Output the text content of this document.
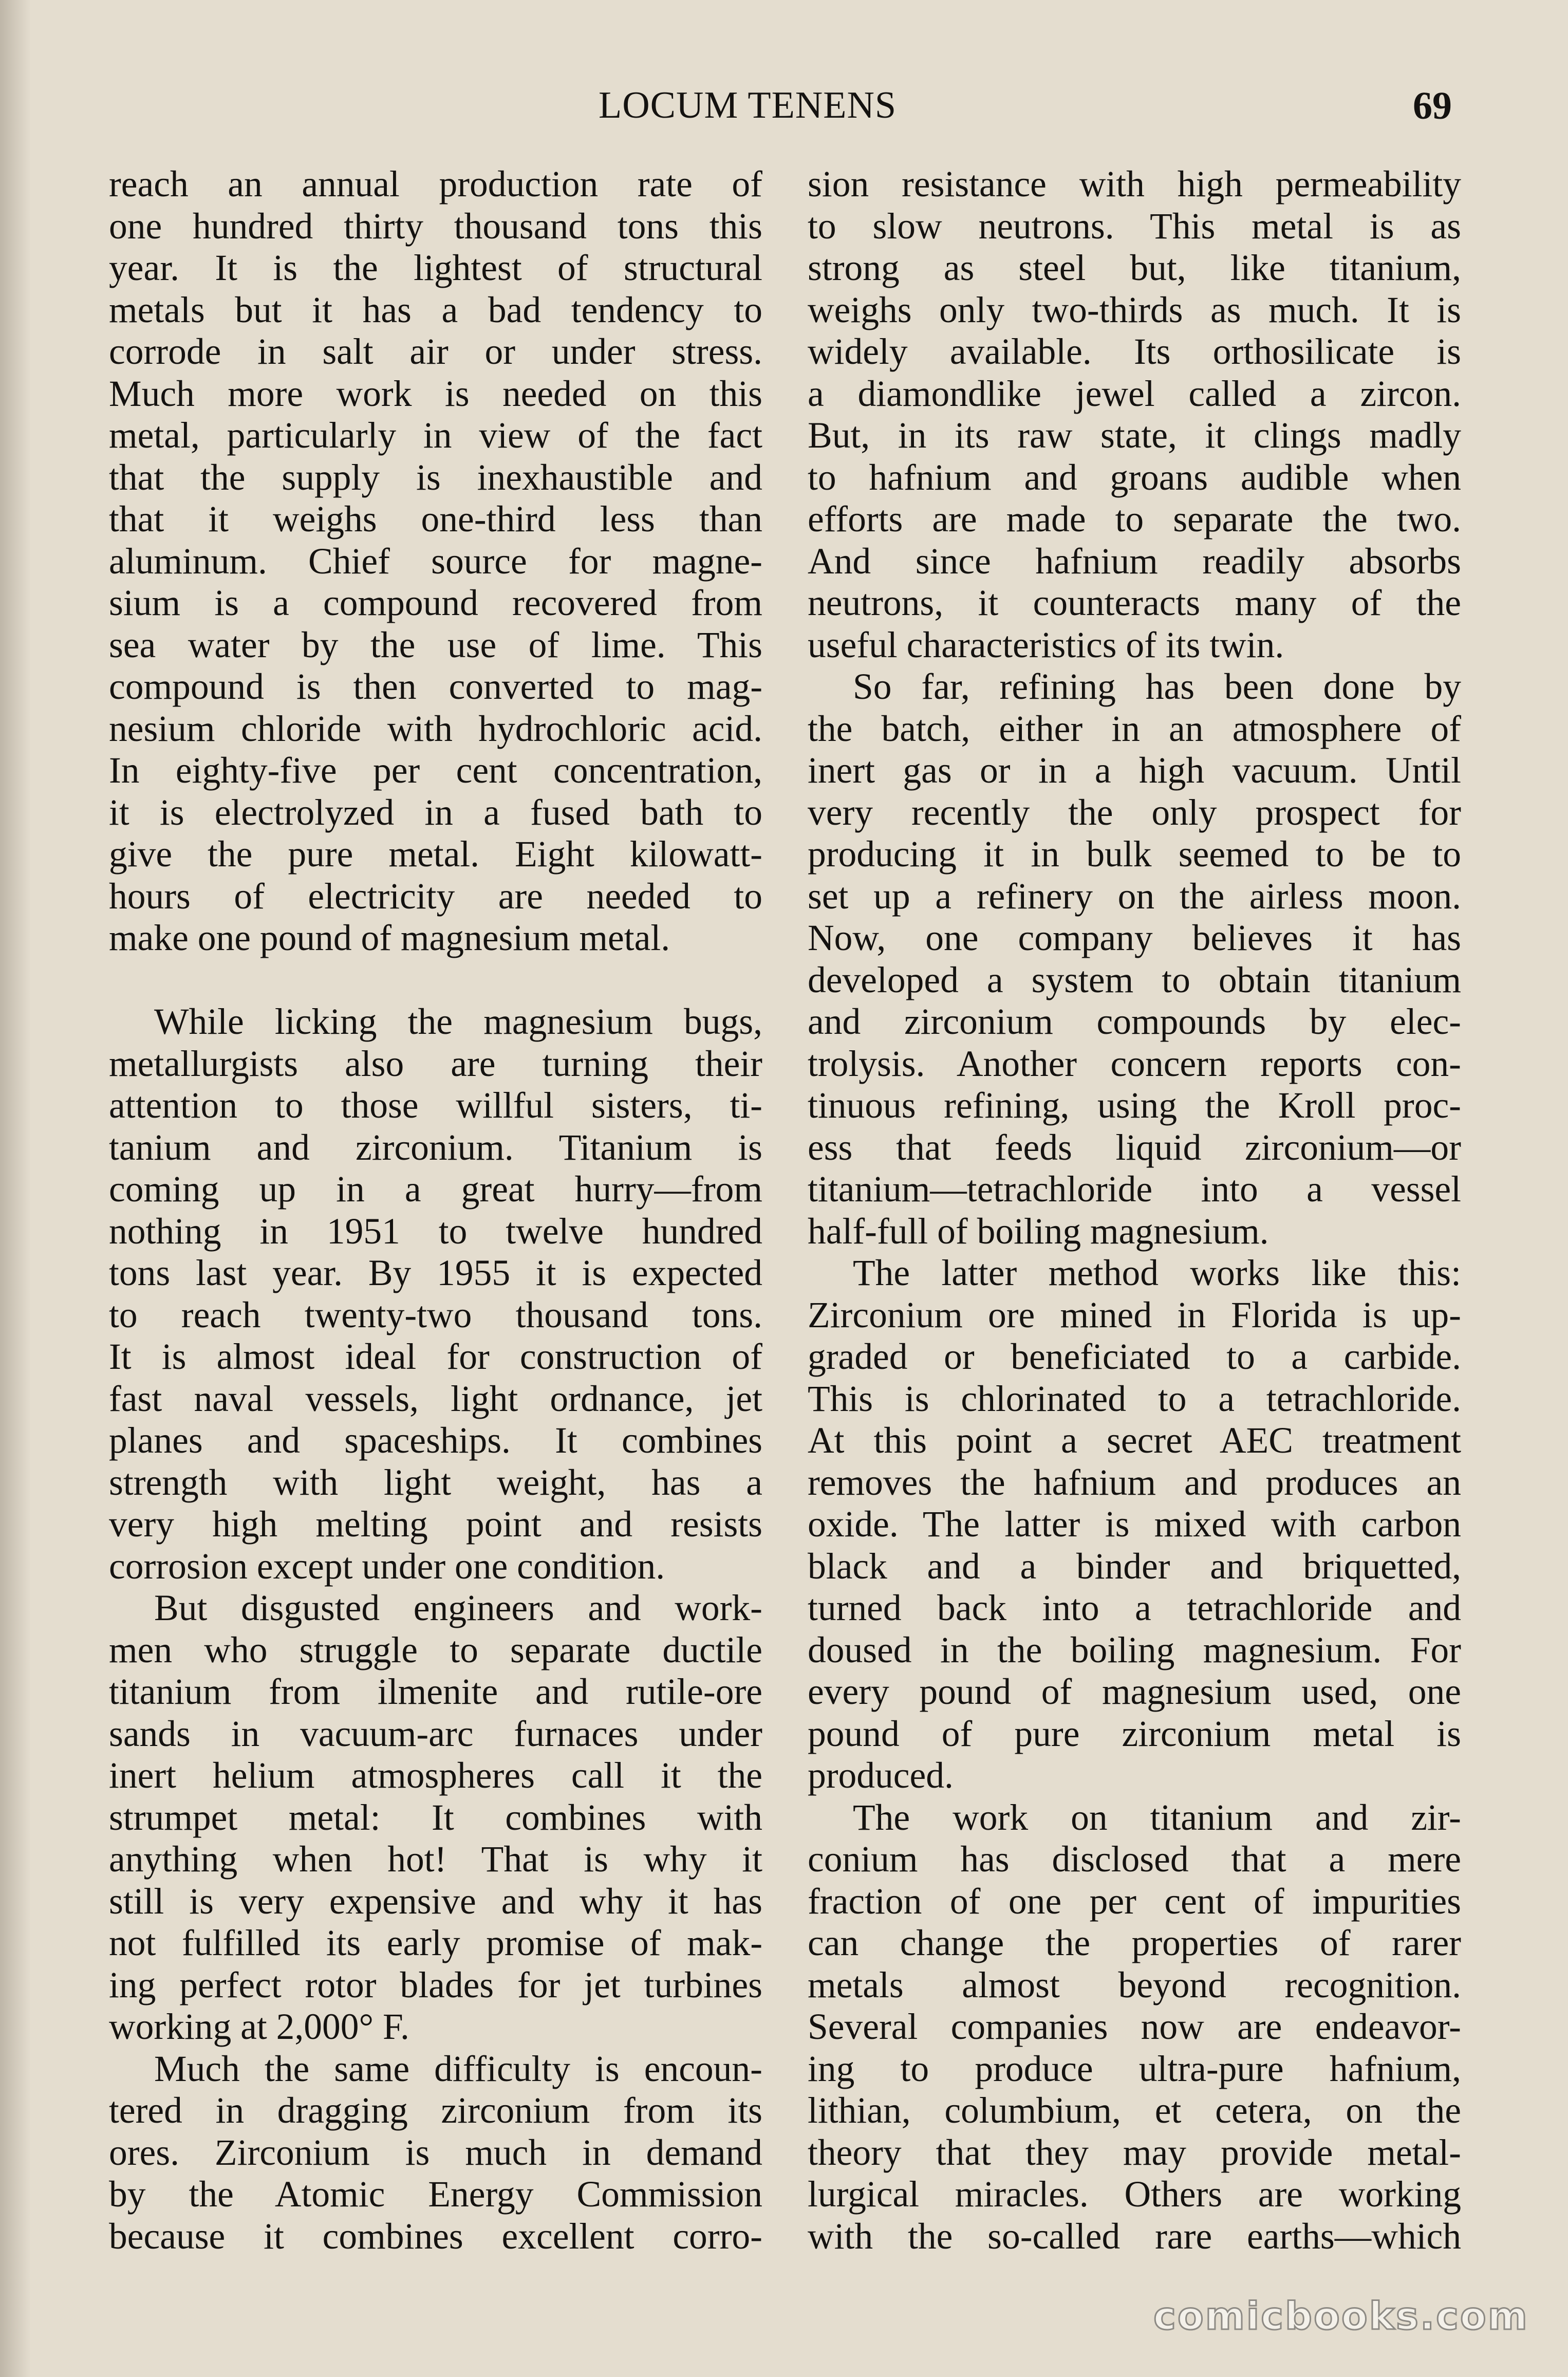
LOCUM TENENS	69
reach an annual production rate of
one hundred thirty thousand tons this
year. It is the lightest of structural
metals but it has a bad tendency to
corrode in salt air or under stress.
Much more work is needed on this
metal, particularly in view of the fact
that the supply is inexhaustible and
that it weighs one-third less than
aluminum. Chief source for magne-
sium is a compound recovered from
sea water by the use of lime. This
compound is then converted to mag-
nesium chloride with hydrochloric acid.
In eighty-five per cent concentration,
it is electrolyzed in a fused bath to
give the pure metal. Eight kilowatt-
hours of electricity are needed to
make one pound of magnesium metal.
While licking the magnesium bugs,
metallurgists also are turning their
attention to those willful sisters, ti-
tanium and zirconium. Titanium is
coming up in a great hurry—from
nothing in 1951 to twelve hundred
tons last year. By 1955 it is expected
to reach twenty-two thousand tons.
It is almost ideal for construction of
fast naval vessels, light ordnance, jet
planes and spaceships. It combines
strength with light weight, has a
very high melting point and resists
corrosion except under one condition.
But disgusted engineers and work-
men who struggle to separate ductile
titanium from ilmenite and rutile-ore
sands in vacuum-arc furnaces under
inert helium atmospheres call it the
strumpet metal: It combines with
anything when hot! That is why it
still is very expensive and why it has
not fulfilled its early promise of mak-
ing perfect rotor blades for jet turbines
working at 2,000° F.
Much the same difficulty is encoun-
tered in dragging zirconium from its
ores. Zirconium is much in demand
by the Atomic Energy Commission
because it combines excellent corro-
sion resistance with high permeability
to slow neutrons. This metal is as
strong as steel but, like titanium,
weighs only two-thirds as much. It is
widely available. Its orthosilicate is
a diamondlike jewel called a zircon.
But, in its raw state, it clings madly
to hafnium and groans audible when
efforts are made to separate the two.
And since hafnium readily absorbs
neutrons, it counteracts many of the
useful characteristics of its twin.
So far, refining has been done by
the batch, either in an atmosphere of
inert gas or in a high vacuum. Until
very recently the only prospect for
producing it in bulk seemed to be to
set up a refinery on the airless moon.
Now, one company believes it has
developed a system to obtain titanium
and zirconium compounds by elec-
trolysis. Another concern reports con-
tinuous refining, using the Kroll proc-
ess that feeds liquid zirconium—or
titanium—tetrachloride into a vessel
half-full of boiling magnesium.
The latter method works like this:
Zirconium ore mined in Florida is up-
graded or beneficiated to a carbide.
This is chlorinated to a tetrachloride.
At this point a secret AEC treatment
removes the hafnium and produces an
oxide. The latter is mixed with carbon
black and a binder and briquetted,
turned back into a tetrachloride and
doused in the boiling magnesium. For
every pound of magnesium used, one
pound of pure zirconium metal is
produced.
The work on titanium and zir-
conium has disclosed that a mere
fraction of one per cent of impurities
can change the properties of rarer
metals almost beyond recognition.
Several companies now are endeavor-
ing to produce ultra-pure hafnium,
lithian, columbium, et cetera, on the
theory that they may provide metal-
lurgical miracles. Others are working
with the so-called rare earths—which
comicbooks.com
